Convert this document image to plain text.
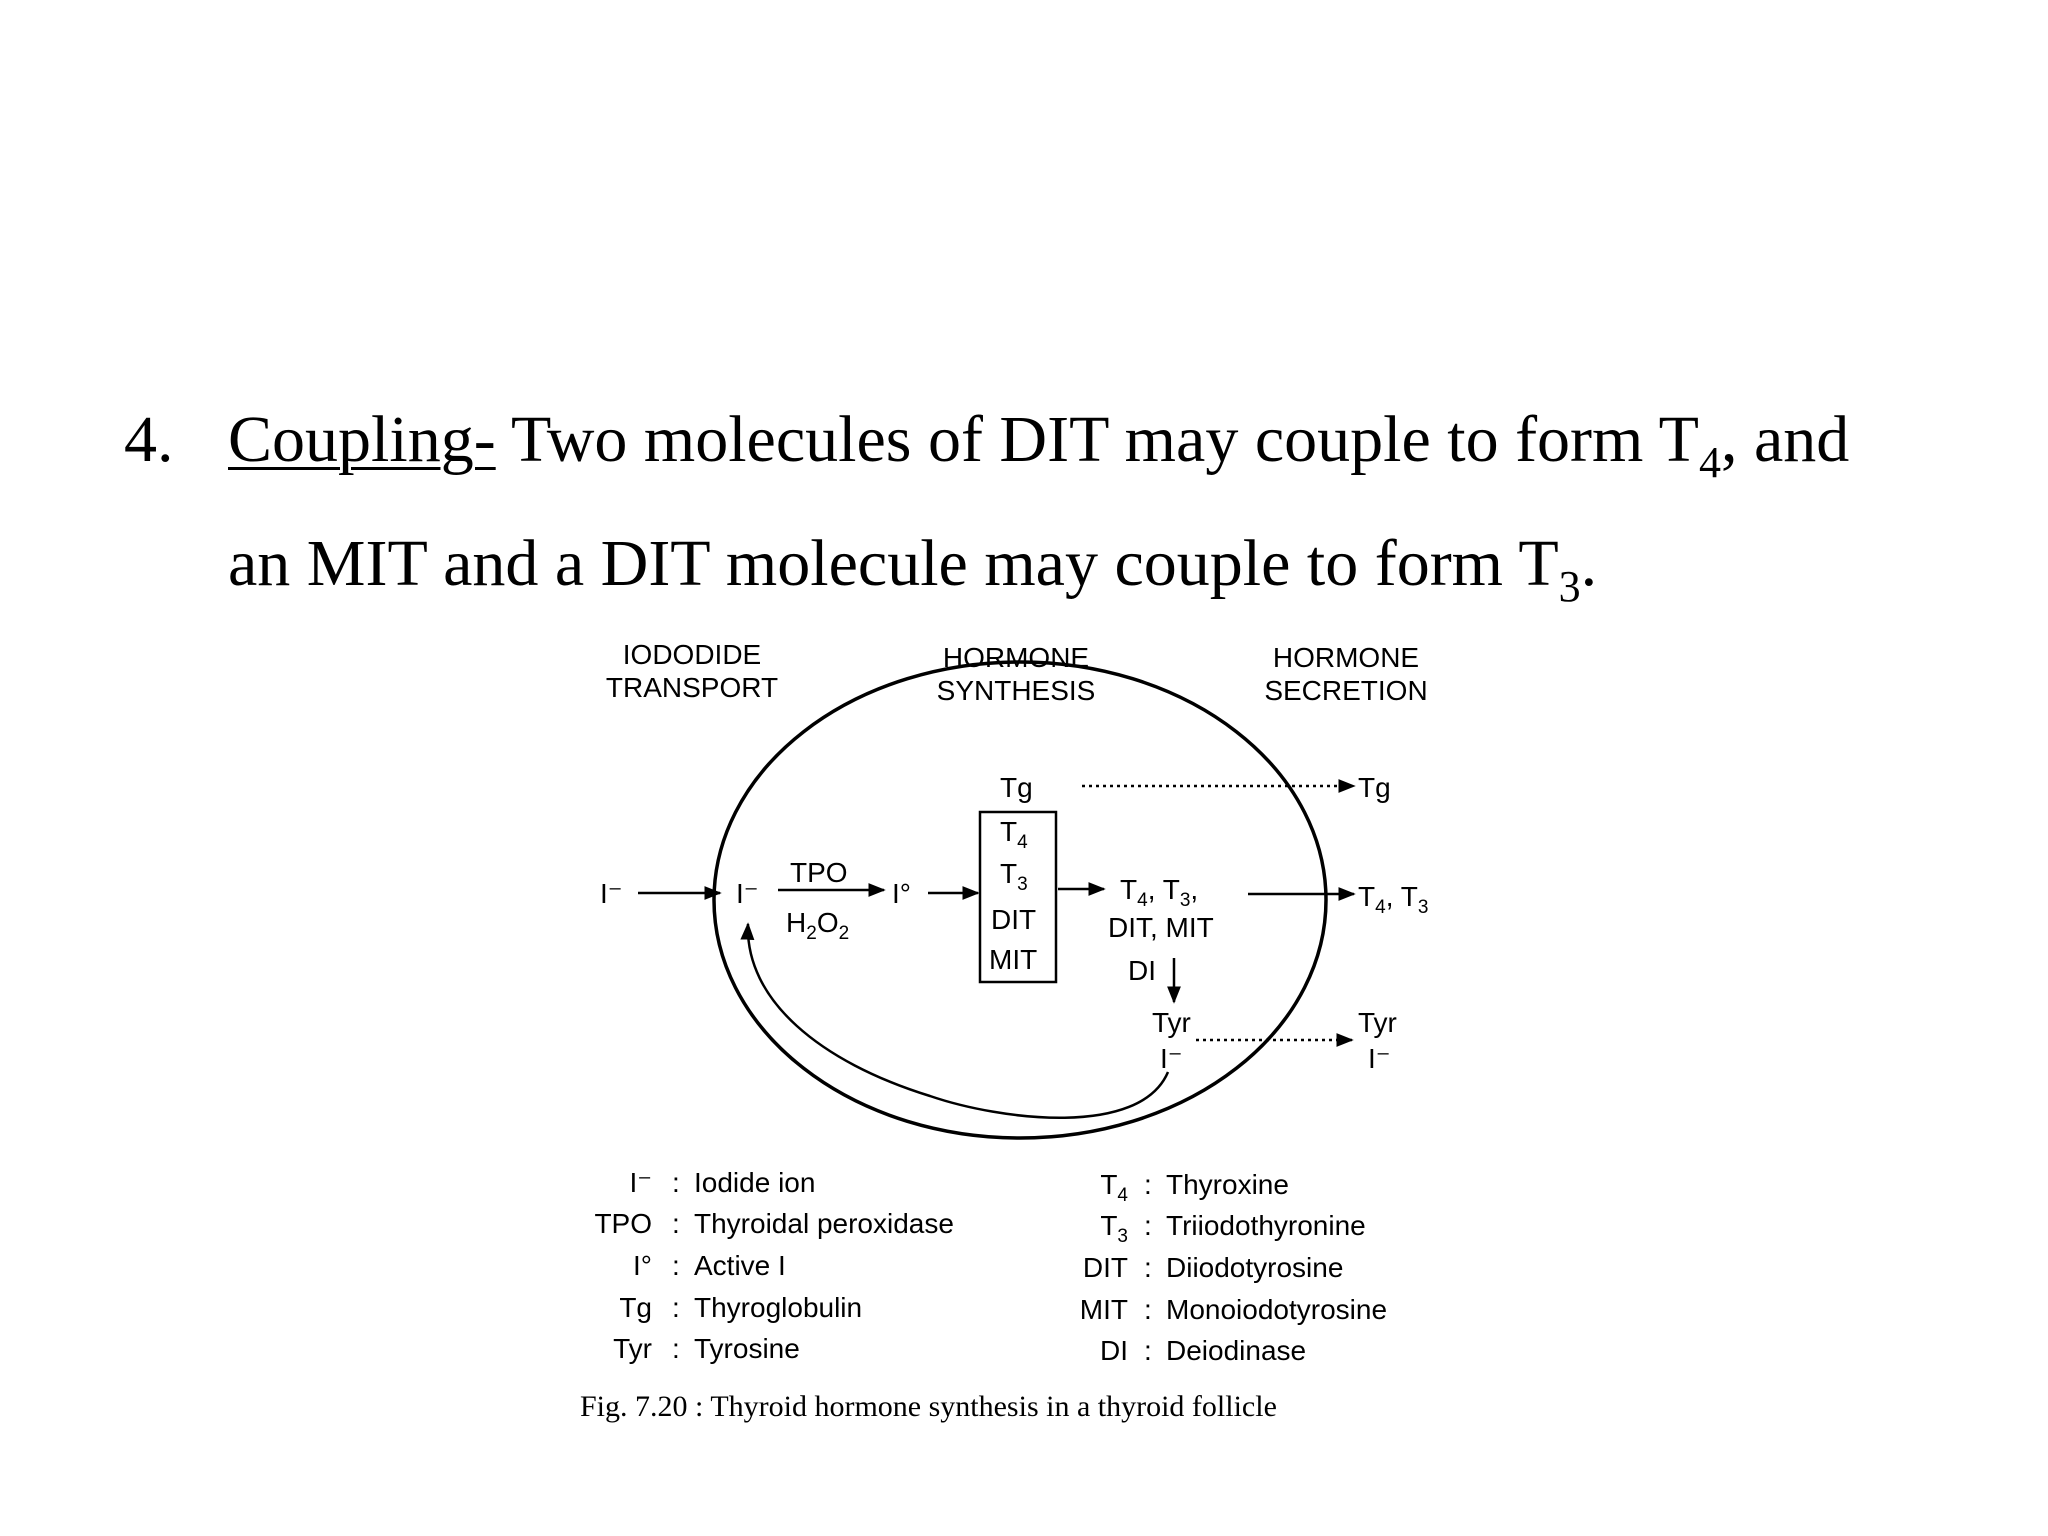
4. Coupling- Two molecules of DIT may couple to form $T_4$, and
an MIT and a DIT molecule may couple to form $T_3$.
IODODIDE
TRANSPORT
HORMONE
SYNTHESIS
HORMONE
SECRETION
I⁻	I⁻
TPO
$H_2O_2$
I°
Tg	Tg
$T_4$
$T_3$
DIT
MIT
$T_4$, $T_3$,
DIT, MIT
DI
Tyr	Tyr
I⁻	I⁻
$T_4$, $T_3$
I⁻ : Iodide ion
TPO : Thyroidal peroxidase
I° : Active I
Tg : Thyroglobulin
Tyr : Tyrosine
$T_4$ : Thyroxine
$T_3$ : Triiodothyronine
DIT : Diiodotyrosine
MIT : Monoiodotyrosine
DI : Deiodinase
Fig. 7.20 : Thyroid hormone synthesis in a thyroid follicle
